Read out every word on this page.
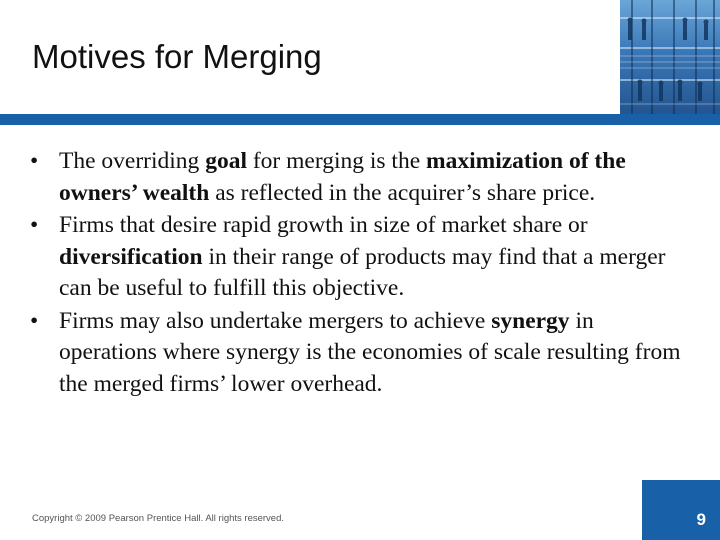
Motives for Merging
• The overriding goal for merging is the maximization of the owners’ wealth as reflected in the acquirer’s share price.
• Firms that desire rapid growth in size of market share or diversification in their range of products may find that a merger can be useful to fulfill this objective.
• Firms may also undertake mergers to achieve synergy in operations where synergy is the economies of scale resulting from the merged firms’ lower overhead.
Copyright © 2009 Pearson Prentice Hall. All rights reserved.	9
